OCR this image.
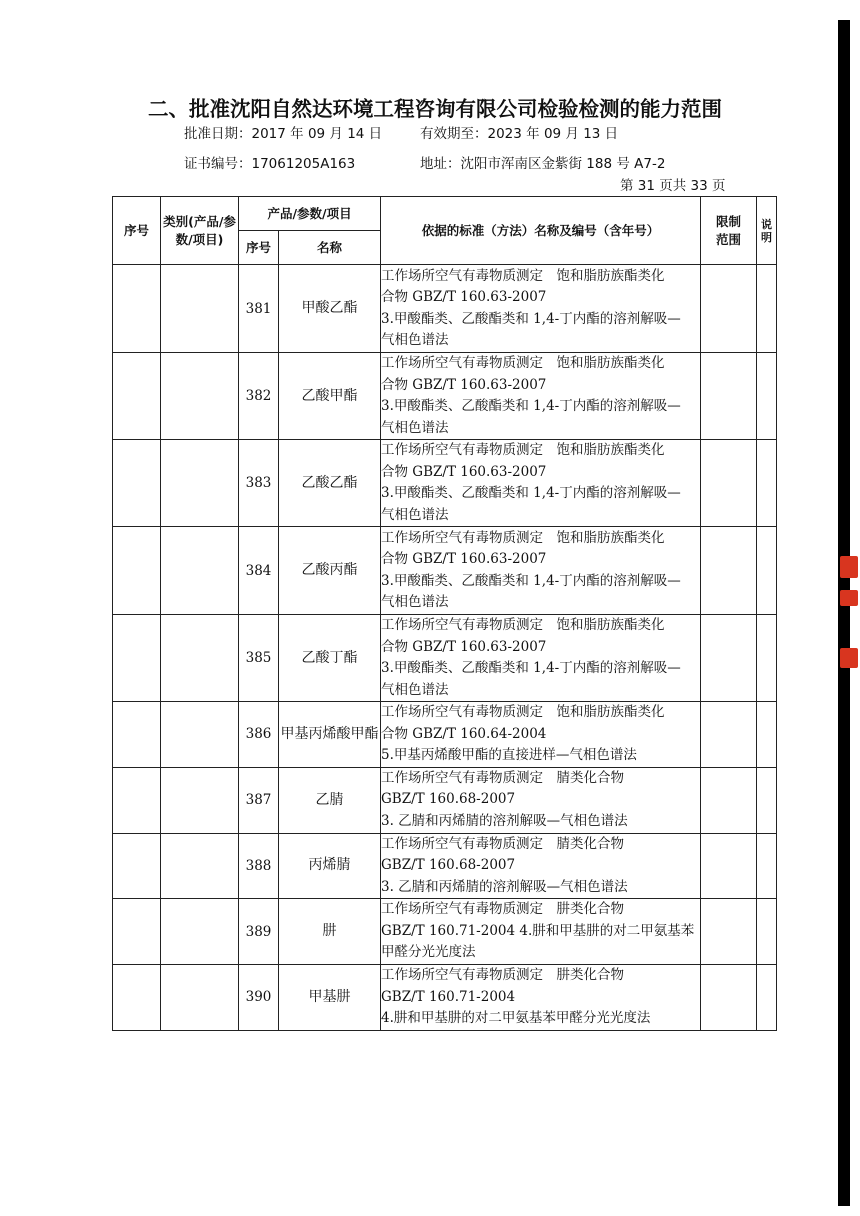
二、批准沈阳自然达环境工程咨询有限公司检验检测的能力范围
批准日期：2017 年 09 月 14 日	有效期至：2023 年 09 月 13 日
证书编号：17061205A163	地址：沈阳市浑南区金紫街 188 号 A7-2
第 31 页共 33 页
序号	类别(产品/参数/项目)	产品/参数/项目		依据的标准（方法）名称及编号（含年号）	限制范围	说明
		序号	名称			
		381	甲酸乙酯	工作场所空气有毒物质测定　饱和脂肪族酯类化
合物 GBZ/T 160.63-2007
3.甲酸酯类、乙酸酯类和 1,4-丁内酯的溶剂解吸—
气相色谱法		

		382	乙酸甲酯	工作场所空气有毒物质测定　饱和脂肪族酯类化
合物 GBZ/T 160.63-2007
3.甲酸酯类、乙酸酯类和 1,4-丁内酯的溶剂解吸—
气相色谱法		

		383	乙酸乙酯	工作场所空气有毒物质测定　饱和脂肪族酯类化
合物 GBZ/T 160.63-2007
3.甲酸酯类、乙酸酯类和 1,4-丁内酯的溶剂解吸—
气相色谱法		

		384	乙酸丙酯	工作场所空气有毒物质测定　饱和脂肪族酯类化
合物 GBZ/T 160.63-2007
3.甲酸酯类、乙酸酯类和 1,4-丁内酯的溶剂解吸—
气相色谱法		

		385	乙酸丁酯	工作场所空气有毒物质测定　饱和脂肪族酯类化
合物 GBZ/T 160.63-2007
3.甲酸酯类、乙酸酯类和 1,4-丁内酯的溶剂解吸—
气相色谱法		

		386	甲基丙烯酸甲酯	工作场所空气有毒物质测定　饱和脂肪族酯类化
合物 GBZ/T 160.64-2004
5.甲基丙烯酸甲酯的直接进样—气相色谱法		

		387	乙腈	工作场所空气有毒物质测定　腈类化合物
GBZ/T 160.68-2007
3. 乙腈和丙烯腈的溶剂解吸—气相色谱法		

		388	丙烯腈	工作场所空气有毒物质测定　腈类化合物
GBZ/T 160.68-2007
3. 乙腈和丙烯腈的溶剂解吸—气相色谱法		

		389	肼	工作场所空气有毒物质测定　肼类化合物
GBZ/T 160.71-2004 4.肼和甲基肼的对二甲氨基苯
甲醛分光光度法		

		390	甲基肼	工作场所空气有毒物质测定　肼类化合物
GBZ/T 160.71-2004
4.肼和甲基肼的对二甲氨基苯甲醛分光光度法		
